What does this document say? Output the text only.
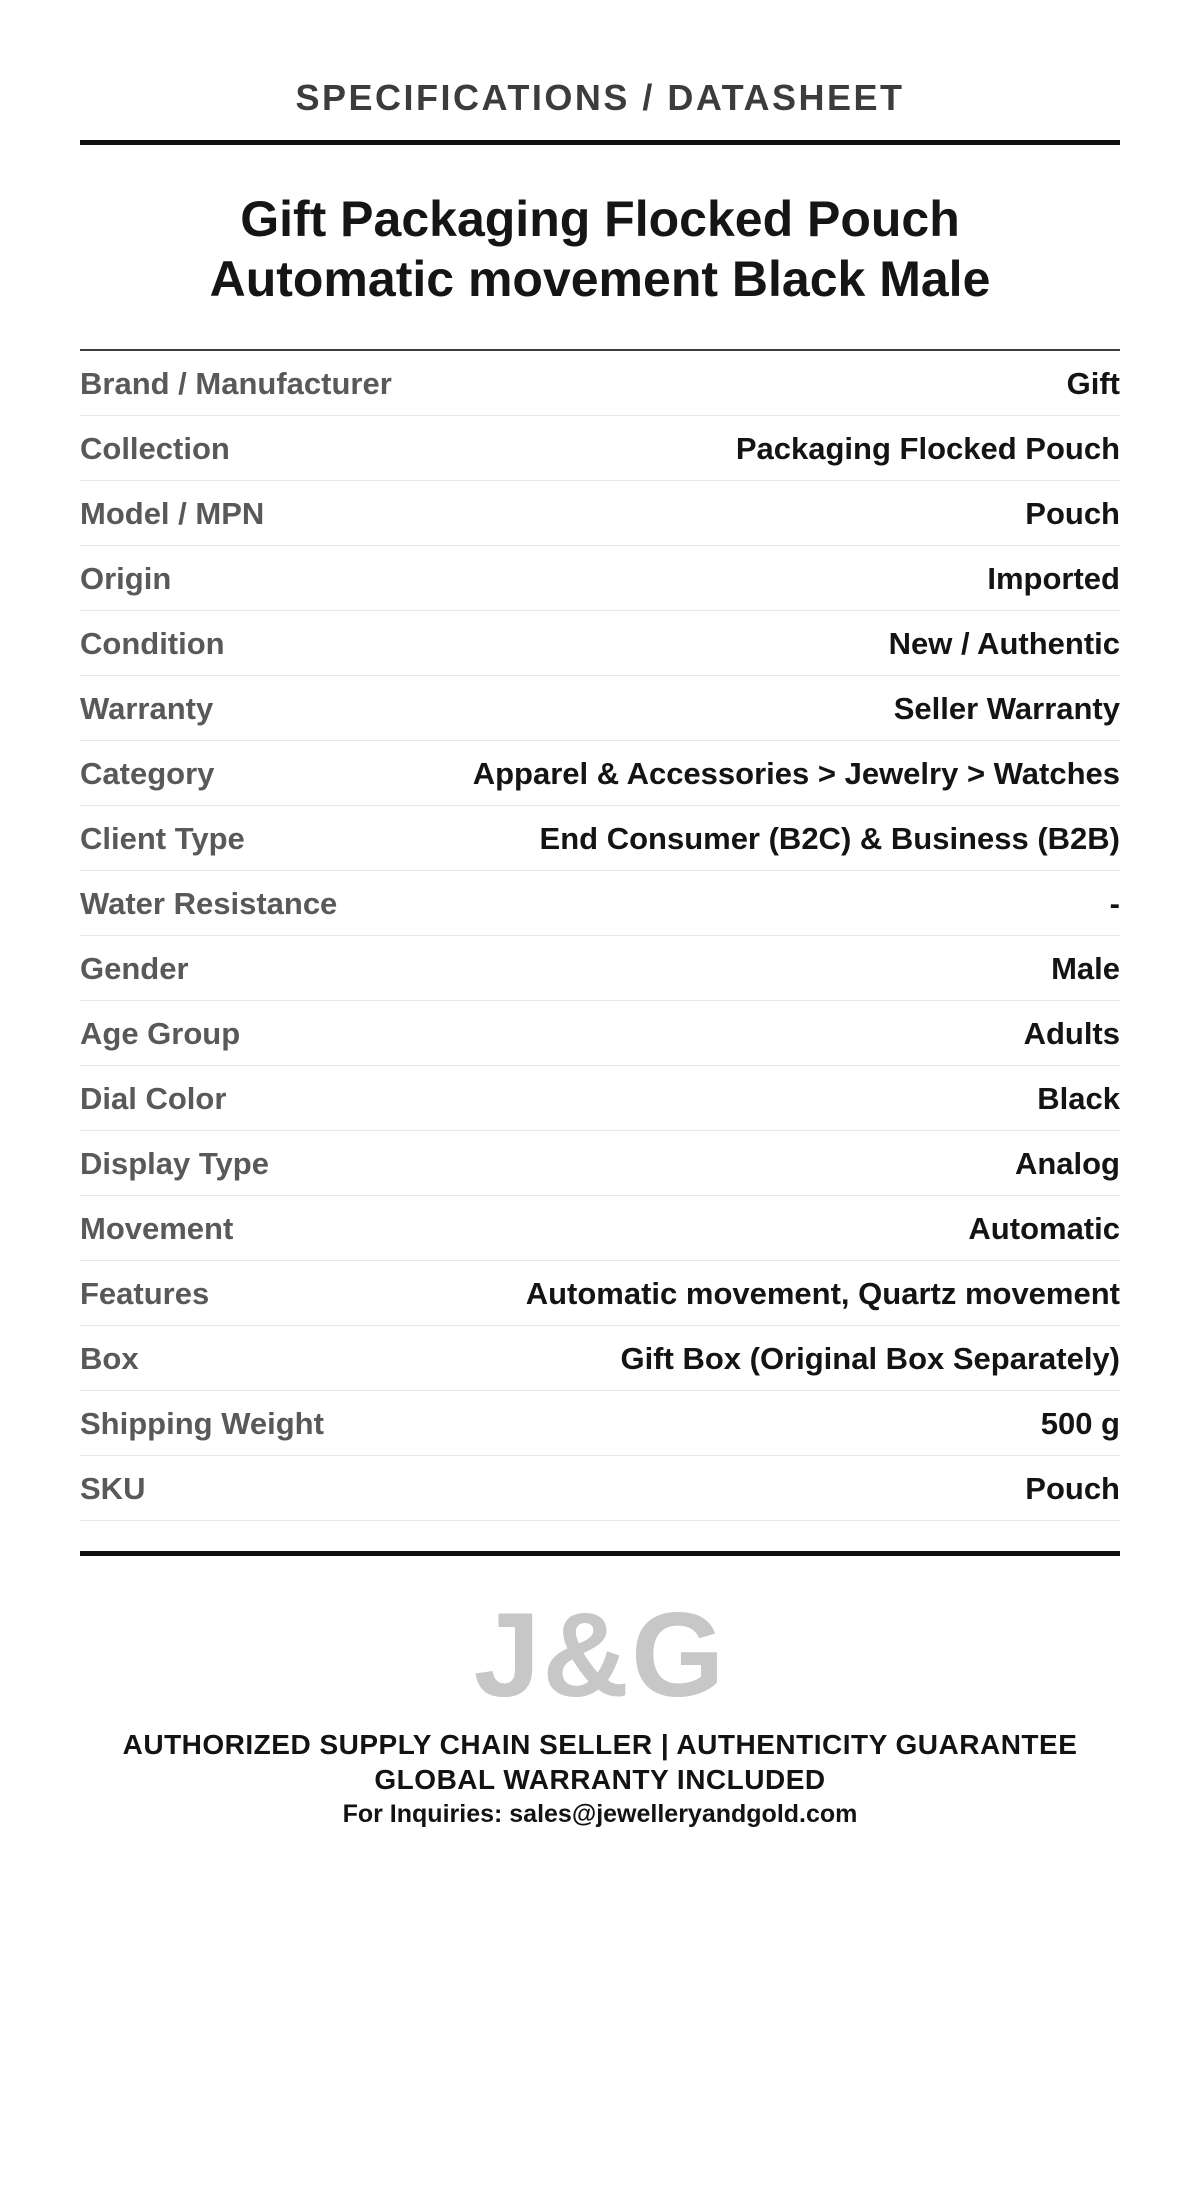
SPECIFICATIONS / DATASHEET
Gift Packaging Flocked Pouch
Automatic movement Black Male
Brand / Manufacturer	Gift
Collection	Packaging Flocked Pouch
Model / MPN	Pouch
Origin	Imported
Condition	New / Authentic
Warranty	Seller Warranty
Category	Apparel & Accessories > Jewelry > Watches
Client Type	End Consumer (B2C) & Business (B2B)
Water Resistance	-
Gender	Male
Age Group	Adults
Dial Color	Black
Display Type	Analog
Movement	Automatic
Features	Automatic movement, Quartz movement
Box	Gift Box (Original Box Separately)
Shipping Weight	500 g
SKU	Pouch
J&G
AUTHORIZED SUPPLY CHAIN SELLER | AUTHENTICITY GUARANTEE
GLOBAL WARRANTY INCLUDED
For Inquiries: sales@jewelleryandgold.com
